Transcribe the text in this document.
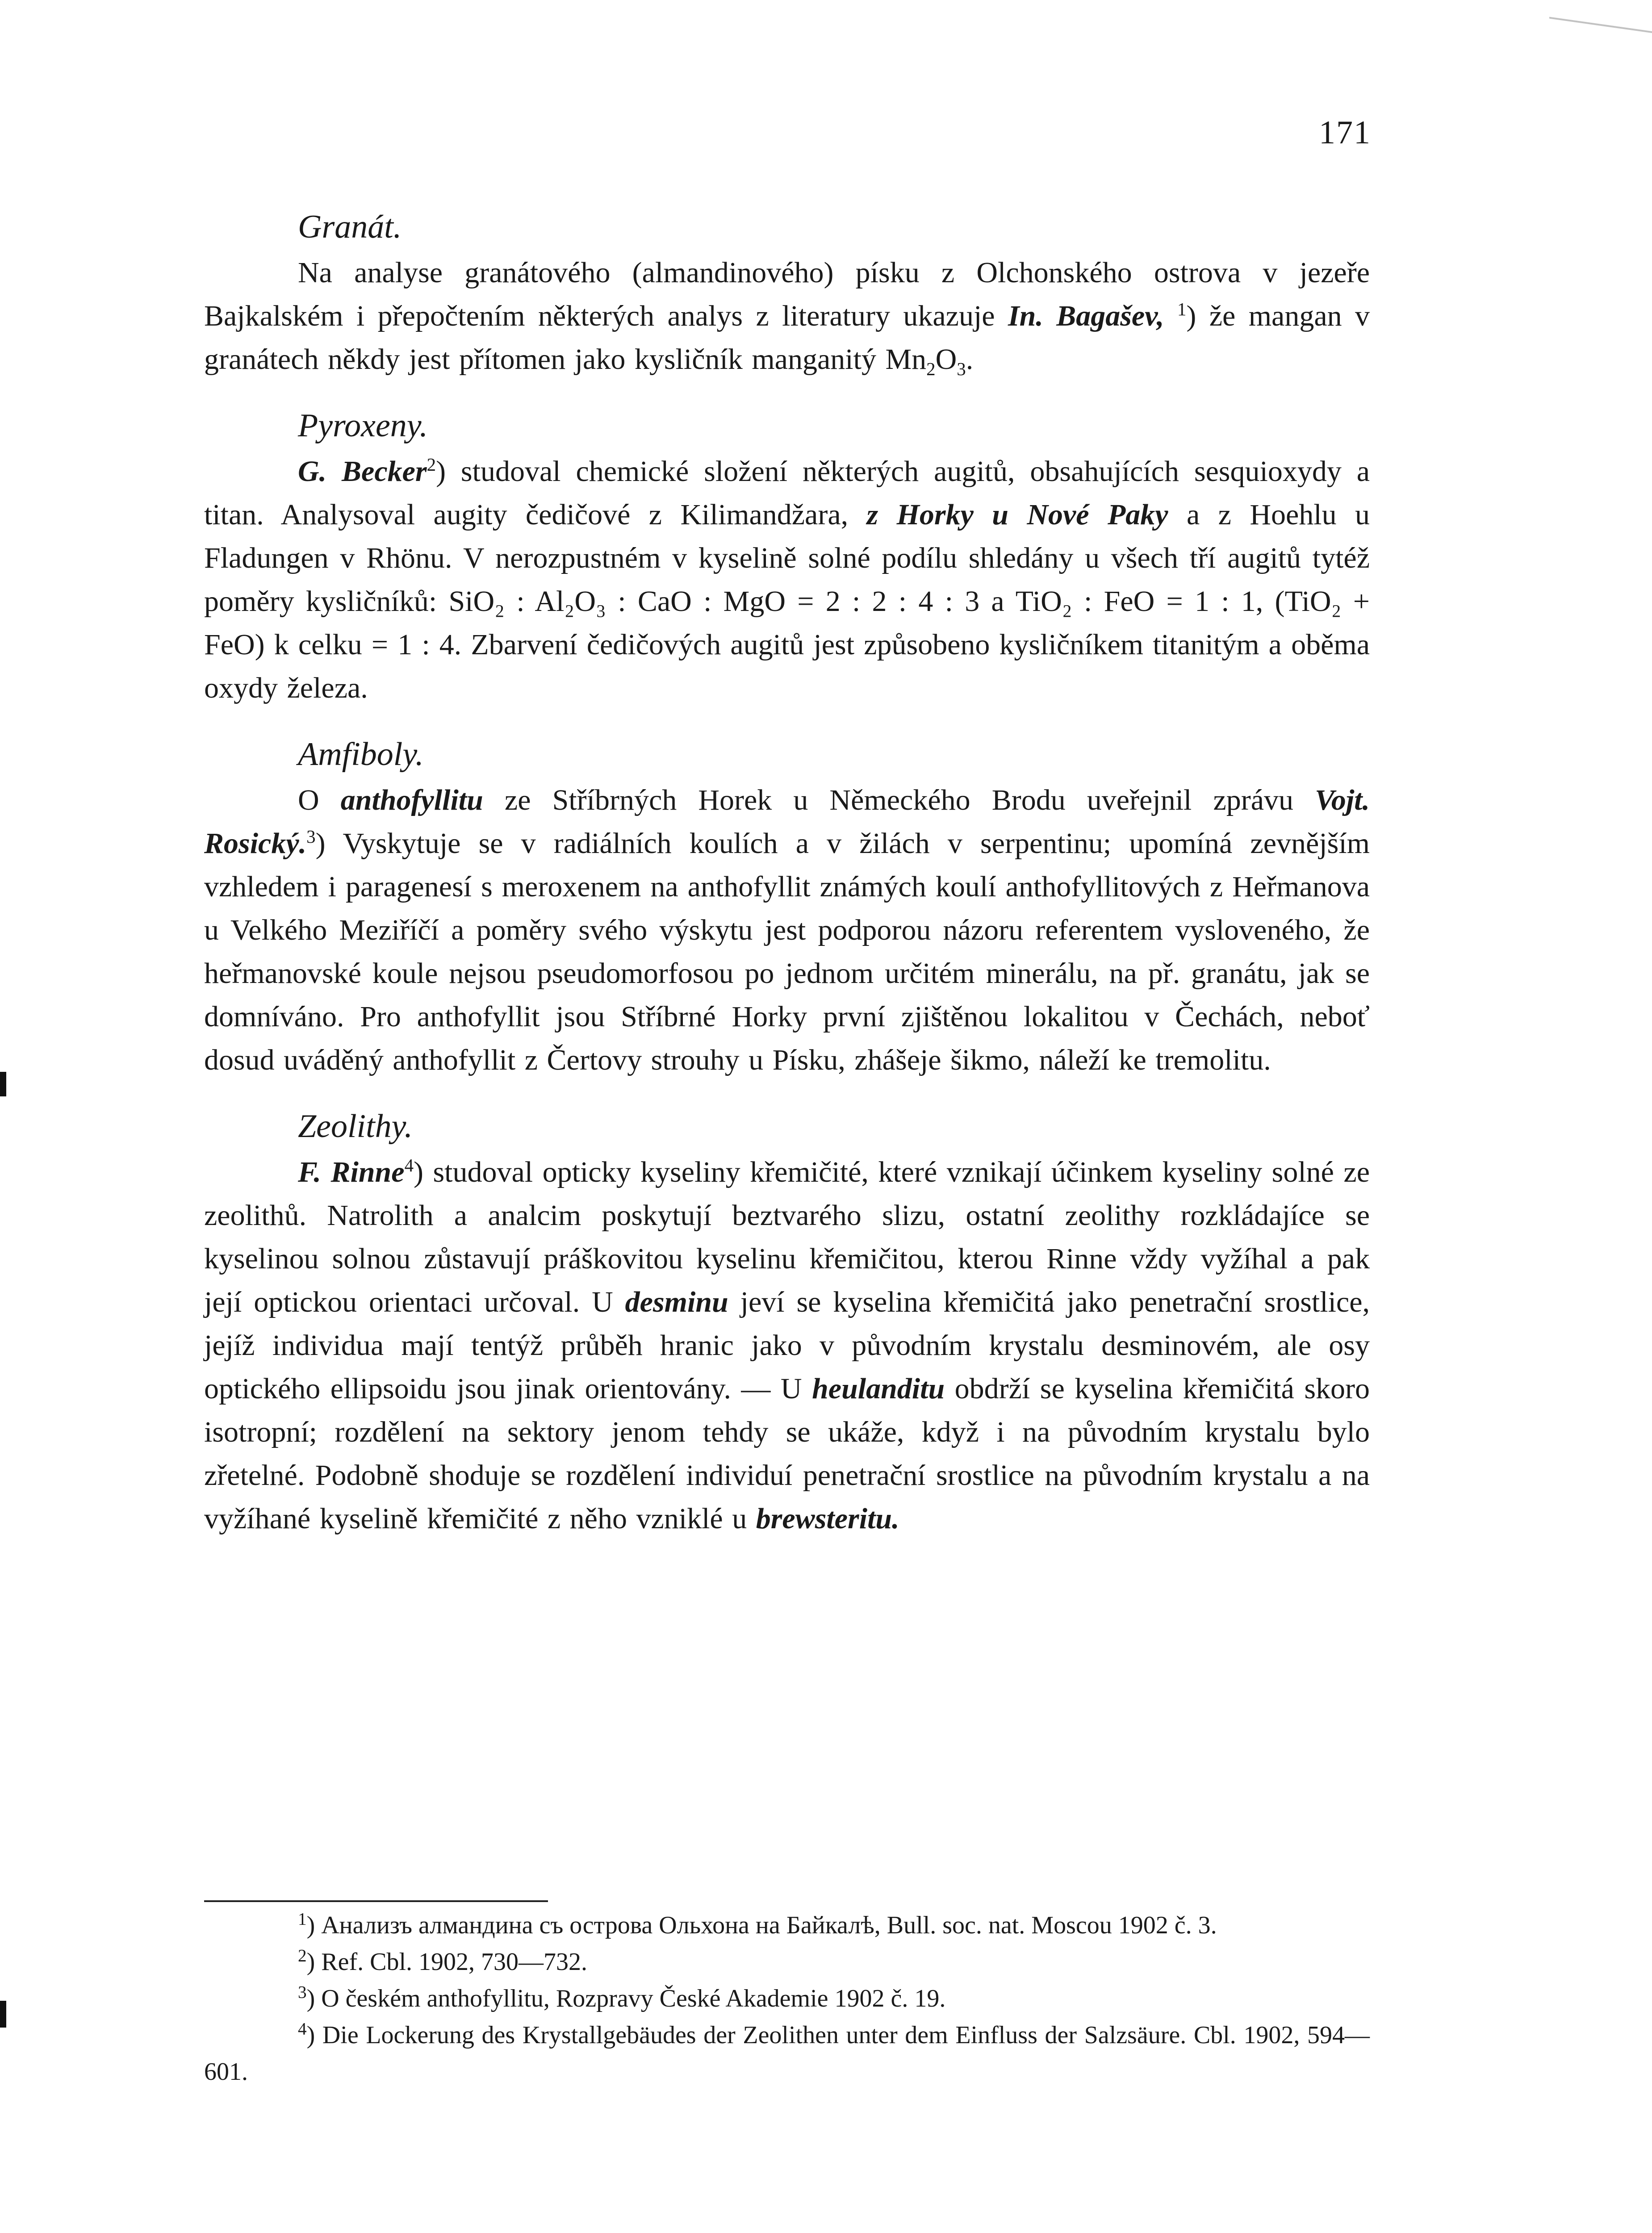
171
Granát.

Na analyse granátového (almandinového) písku z Olchonského ostrova v jezeře Bajkalském i přepočtením některých analys z literatury ukazuje In. Bagašev, $^1$) že mangan v granátech někdy jest přítomen jako kysličník manganitý $Mn_2O_3$.

Pyroxeny.

G. Becker$^2$) studoval chemické složení některých augitů, obsahujících sesquioxydy a titan. Analysoval augity čedičové z Kilimandžara, z Horky u Nové Paky a z Hoehlu u Fladungen v Rhönu. V nerozpustném v kyselině solné podílu shledány u všech tří augitů tytéž poměry kysličníků: SiO₂ : Al₂O₃ : CaO : MgO = 2 : 2 : 4 : 3 a TiO₂ : FeO = 1 : 1, (TiO₂ + FeO) k celku = 1 : 4. Zbarvení čedičových augitů jest způsobeno kysličníkem titanitým a oběma oxydy železa.

Amfiboly.

O anthofyllitu ze Stříbrných Horek u Německého Brodu uveřejnil zprávu Vojt. Rosický.$^3$) Vyskytuje se v radiálních koulích a v žilách v serpentinu; upomíná zevnějším vzhledem i paragenesí s meroxenem na anthofyllit známých koulí anthofyllitových z Heřmanova u Velkého Meziříčí a poměry svého výskytu jest podporou názoru referentem vysloveného, že heřmanovské koule nejsou pseudomorfosou po jednom určitém minerálu, na př. granátu, jak se domníváno. Pro anthofyllit jsou Stříbrné Horky první zjištěnou lokalitou v Čechách, neboť dosud uváděný anthofyllit z Čertovy strouhy u Písku, zhášeje šikmo, náleží ke tremolitu.

Zeolithy.

F. Rinne$^4$) studoval opticky kyseliny křemičité, které vznikají účinkem kyseliny solné ze zeolithů. Natrolith a analcim poskytují beztvarého slizu, ostatní zeolithy rozkládajíce se kyselinou solnou zůstavují práškovitou kyselinu křemičitou, kterou Rinne vždy vyžíhal a pak její optickou orientaci určoval. U desminu jeví se kyselina křemičitá jako penetrační srostlice, jejíž individua mají tentýž průběh hranic jako v původním krystalu desminovém, ale osy optického ellipsoidu jsou jinak orientovány. — U heulanditu obdrží se kyselina křemičitá skoro isotropní; rozdělení na sektory jenom tehdy se ukáže, když i na původním krystalu bylo zřetelné. Podobně shoduje se rozdělení individuí penetrační srostlice na původním krystalu a na vyžíhané kyselině křemičité z něho vzniklé u brewsteritu.

$^1$) Анализъ алмандина съ острова Ольхона на Байкалѣ, Bull. soc. nat. Moscou 1902 č. 3.

$^2$) Ref. Cbl. 1902, 730—732.

$^3$) O českém anthofyllitu, Rozpravy České Akademie 1902 č. 19.

$^4$) Die Lockerung des Krystallgebäudes der Zeolithen unter dem Einfluss der Salzsäure. Cbl. 1902, 594—601.
